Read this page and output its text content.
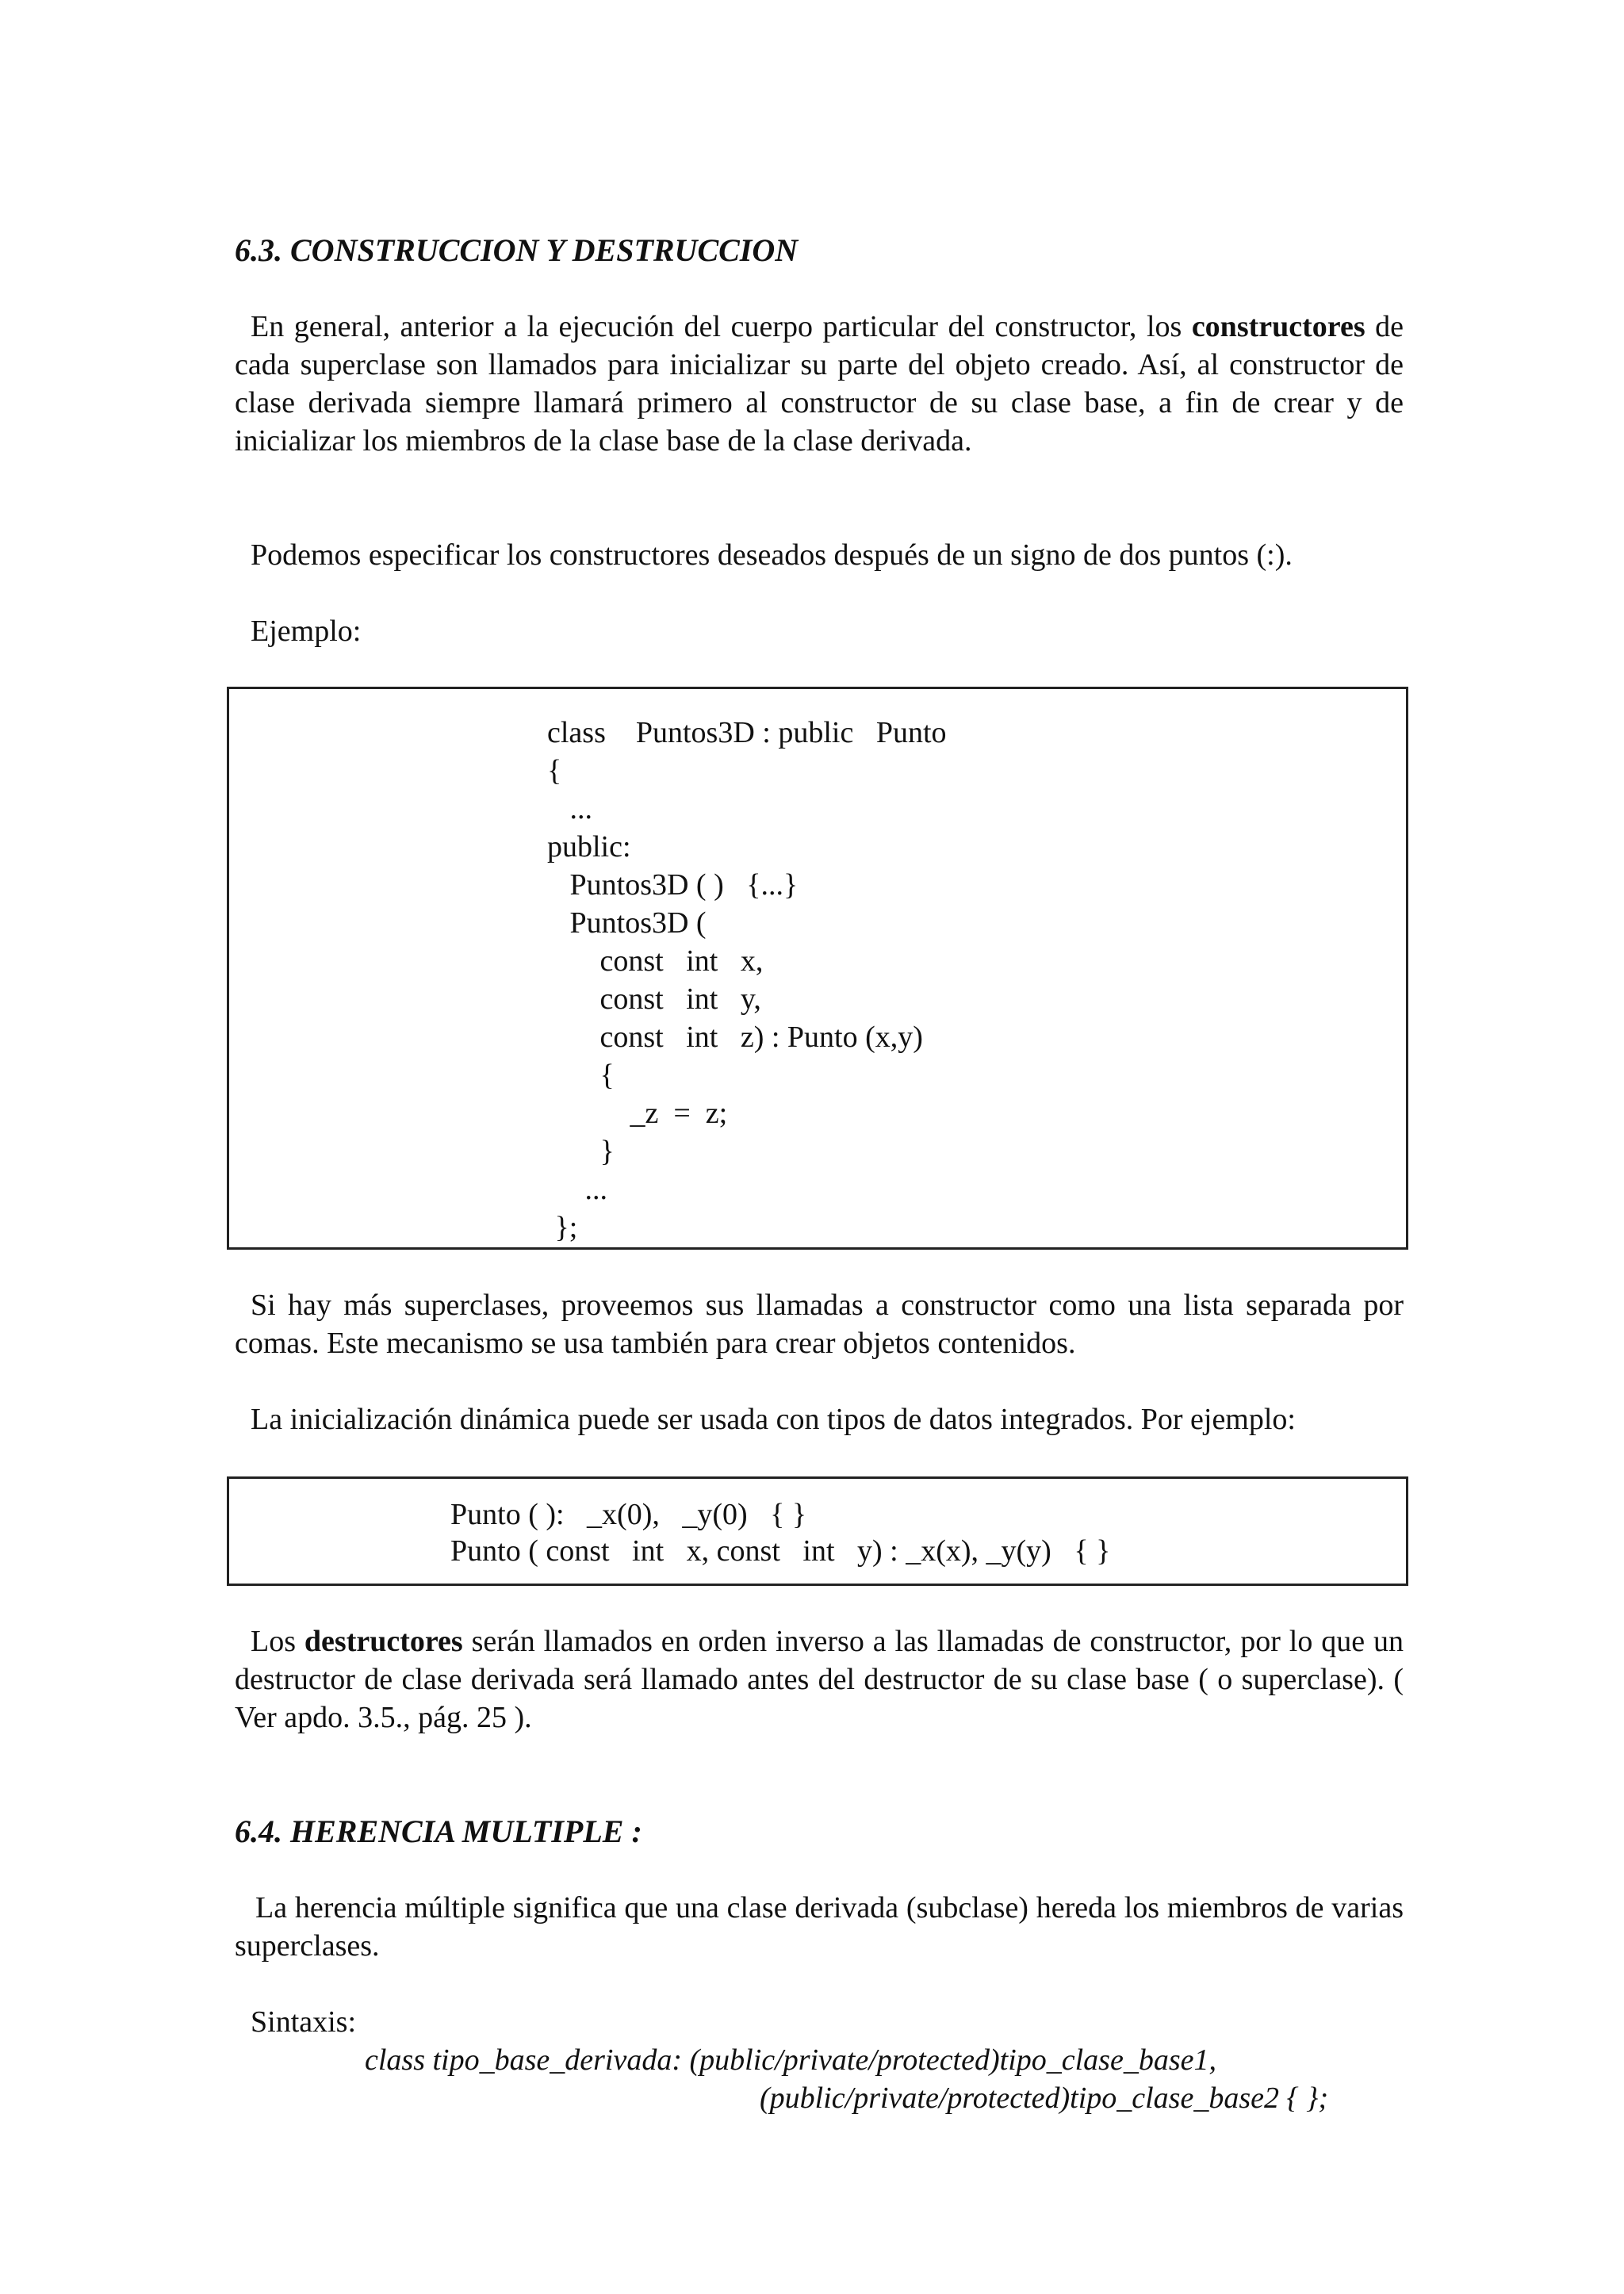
6.3. CONSTRUCCION Y DESTRUCCION

En general, anterior a la ejecución del cuerpo particular del constructor, los constructores de cada superclase son llamados para inicializar su parte del objeto creado. Así, al constructor de clase derivada siempre llamará primero al constructor de su clase base, a fin de crear y de inicializar los miembros de la clase base de la clase derivada.

Podemos especificar los constructores deseados después de un signo de dos puntos (:).

Ejemplo:

class    Puntos3D : public   Punto
{
...
public:
Puntos3D ( )   {...}
Puntos3D (
const   int   x,
const   int   y,
const   int   z) : Punto (x,y)
{
_z  =  z;
}
...
};

Si hay más superclases, proveemos sus llamadas a constructor como una lista separada por comas. Este mecanismo se usa también para crear objetos contenidos.

La inicialización dinámica puede ser usada con tipos de datos integrados. Por ejemplo:

Punto ( ):   _x(0),   _y(0)   { }
Punto ( const   int   x, const   int   y) : _x(x), _y(y)   { }

Los destructores serán llamados en orden inverso a las llamadas de constructor, por lo que un destructor de clase derivada será llamado antes del destructor de su clase base ( o superclase). ( Ver apdo. 3.5., pág. 25 ).

6.4. HERENCIA MULTIPLE :

La herencia múltiple significa que una clase derivada (subclase) hereda los miembros de varias superclases.

Sintaxis:

class tipo_base_derivada: (public/private/protected)tipo_clase_base1,
(public/private/protected)tipo_clase_base2 { };
